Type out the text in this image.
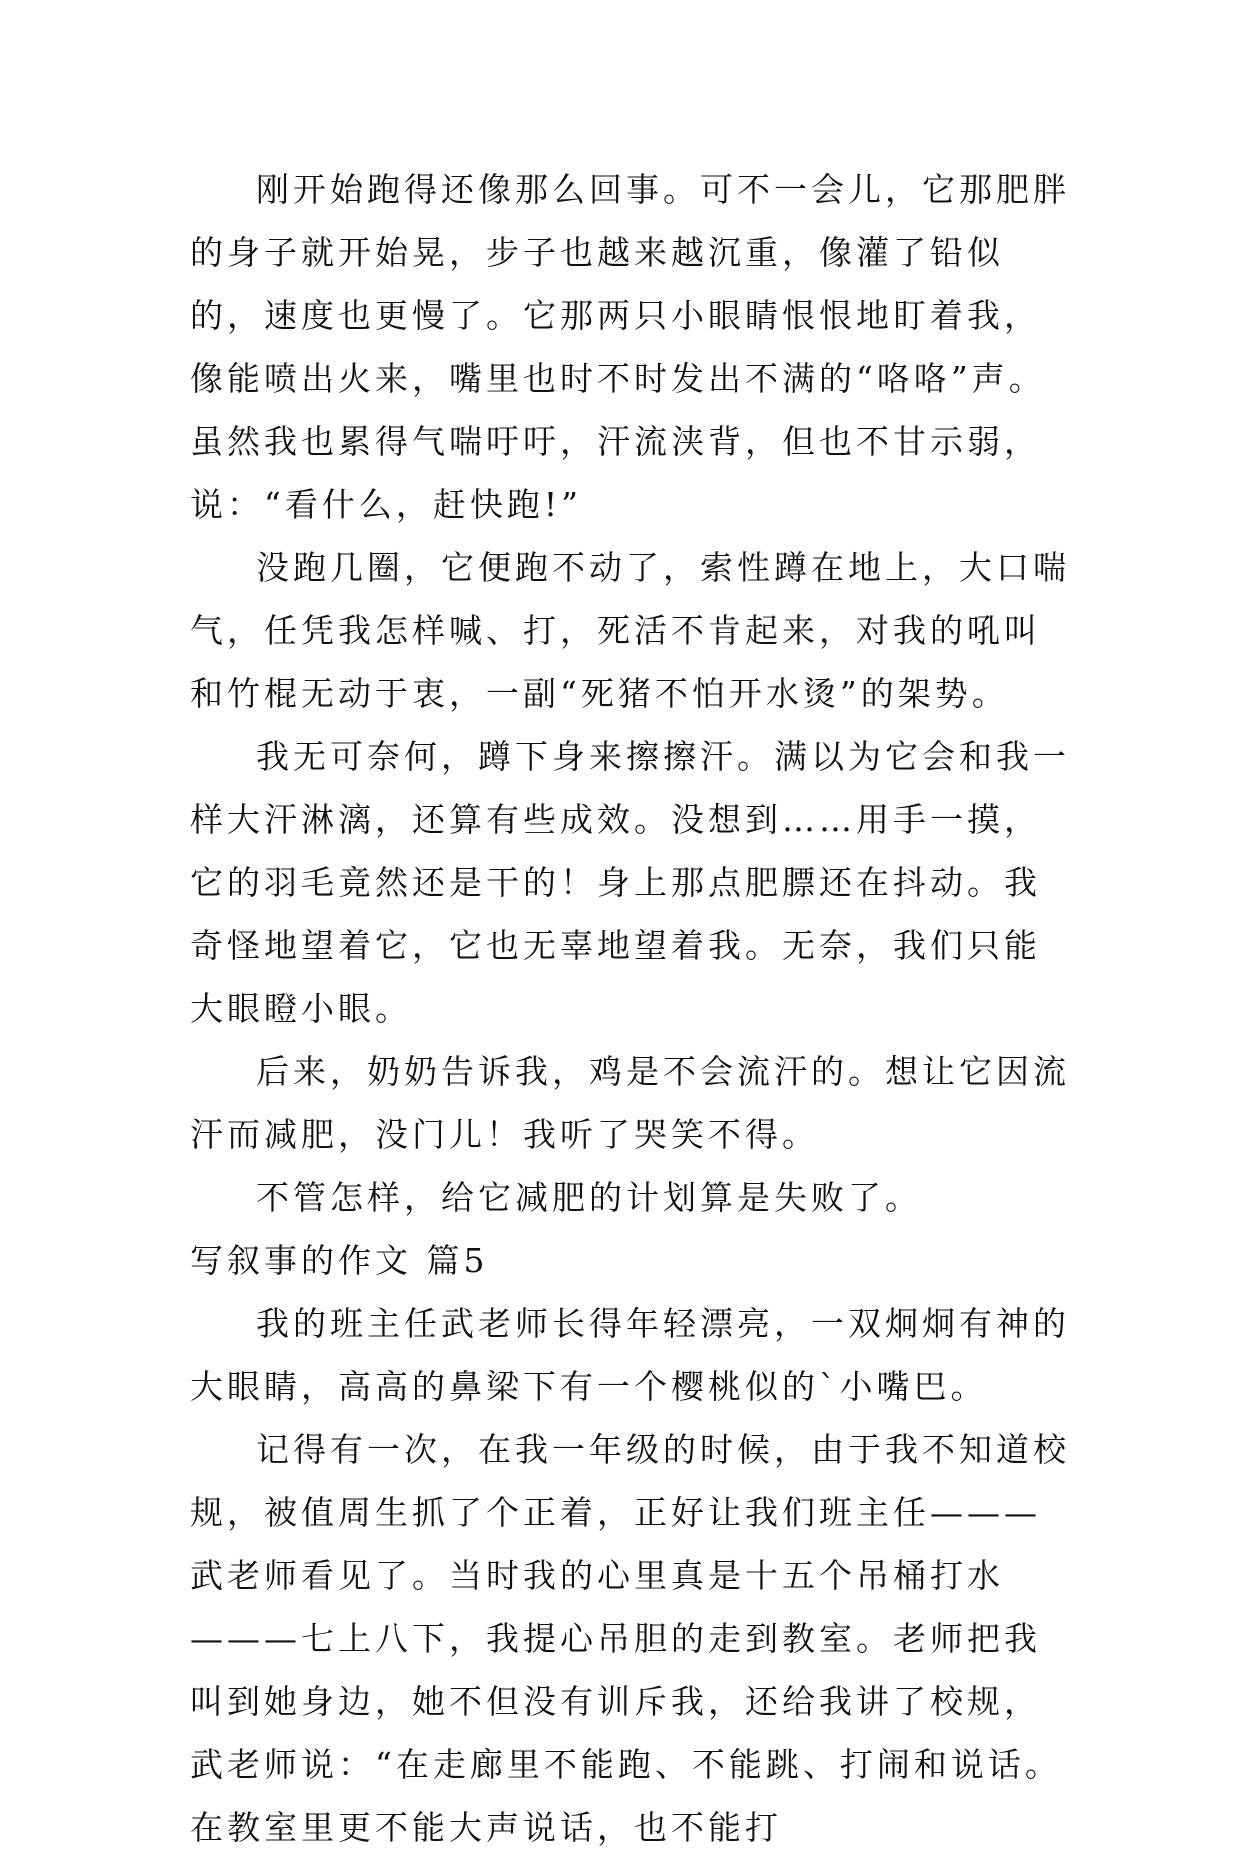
刚开始跑得还像那么回事。可不一会儿，它那肥胖的身子就开始晃，步子也越来越沉重，像灌了铅似的，速度也更慢了。它那两只小眼睛恨恨地盯着我，像能喷出火来，嘴里也时不时发出不满的“咯咯”声。虽然我也累得气喘吁吁，汗流浃背，但也不甘示弱，说：“看什么，赶快跑!”

没跑几圈，它便跑不动了，索性蹲在地上，大口喘气，任凭我怎样喊、打，死活不肯起来，对我的吼叫和竹棍无动于衷，一副“死猪不怕开水烫”的架势。

我无可奈何，蹲下身来擦擦汗。满以为它会和我一样大汗淋漓，还算有些成效。没想到……用手一摸，它的羽毛竟然还是干的！身上那点肥膘还在抖动。我奇怪地望着它，它也无辜地望着我。无奈，我们只能大眼瞪小眼。

后来，奶奶告诉我，鸡是不会流汗的。想让它因流汗而减肥，没门儿！我听了哭笑不得。

不管怎样，给它减肥的计划算是失败了。

写叙事的作文 篇5

我的班主任武老师长得年轻漂亮，一双炯炯有神的大眼睛，高高的鼻梁下有一个樱桃似的`小嘴巴。

记得有一次，在我一年级的时候，由于我不知道校规，被值周生抓了个正着，正好让我们班主任———武老师看见了。当时我的心里真是十五个吊桶打水———七上八下，我提心吊胆的走到教室。老师把我叫到她身边，她不但没有训斥我，还给我讲了校规，武老师说：“在走廊里不能跑、不能跳、打闹和说话。在教室里更不能大声说话，也不能打
